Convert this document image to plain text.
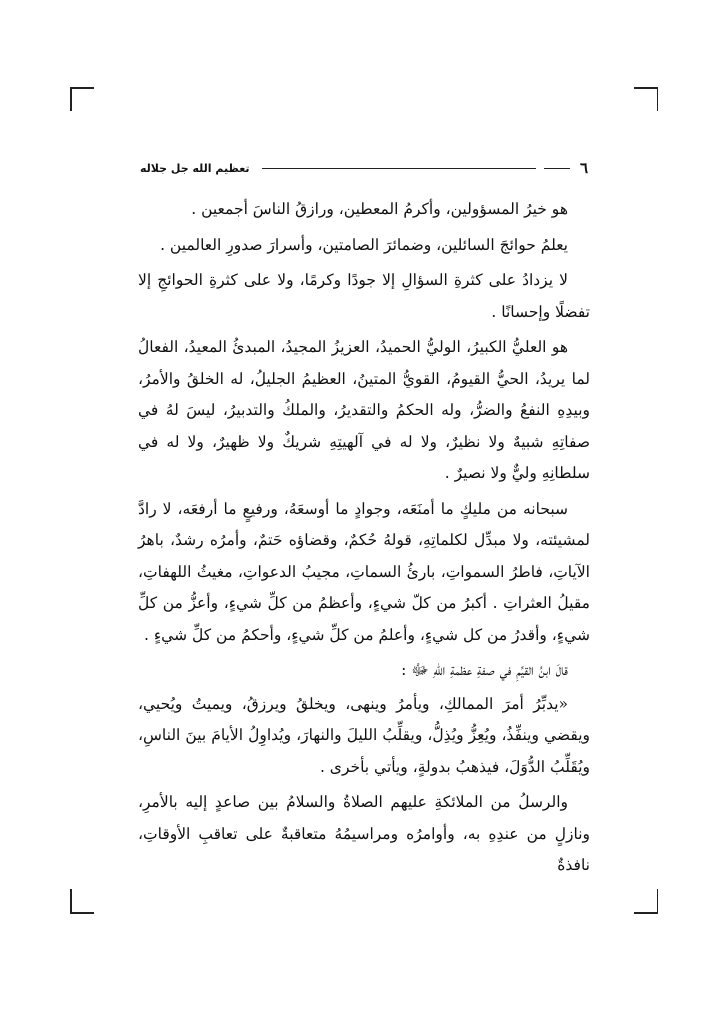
٦
تعظيم الله جل جلاله

هو خيرُ المسؤولين، وأكرمُ المعطين، ورازقُ الناسَ أجمعين .

يعلمُ حوائجَ السائلين، وضمائرَ الصامتين، وأسرارَ صدورِ العالمين .

لا يزدادُ على كثرةِ السؤالِ إلا جودًا وكرمًا، ولا على كثرةِ الحوائجِ إلا تفضلًا وإحسانًا .

هو العليُّ الكبيرُ، الوليُّ الحميدُ، العزيزُ المجيدُ، المبدئُ المعيدُ، الفعالُ لما يريدُ، الحيُّ القيومُ، القويُّ المتينُ، العظيمُ الجليلُ، له الخلقُ والأمرُ، وبيدِهِ النفعُ والضرُّ، وله الحكمُ والتقديرُ، والملكُ والتدبيرُ، ليسَ لهُ في صفاتِهِ شبيهٌ ولا نظيرٌ، ولا له في آلهيتِهِ شريكٌ ولا ظهيرٌ، ولا له في سلطانِهِ وليٌّ ولا نصيرٌ .

سبحانه من مليكٍ ما أمنَعَه، وجوادٍ ما أوسعَهُ، ورفيعٍ ما أرفعَه، لا رادَّ لمشيئته، ولا مبدِّل لكلماتِهِ، قولهُ حُكمٌ، وقضاؤه حَتمٌ، وأمرُه رشدٌ، باهرُ الآياتِ، فاطرُ السمواتِ، بارئُ السماتِ، مجيبُ الدعواتِ، مغيثُ اللهفاتِ، مقيلُ العثراتِ . أكبرُ من كلّ شيءٍ، وأعظمُ من كلِّ شيءٍ، وأعزُّ من كلِّ شيءٍ، وأقدرُ من كل شيءٍ، وأعلمُ من كلِّ شيءٍ، وأحكمُ من كلِّ شيءٍ .

قالَ ابنُ القيِّمِ في صفةِ عظمةِ اللهِ ﷻ :

«يدبِّرُ أمرَ الممالكِ، ويأمرُ وينهى، ويخلقُ ويرزقُ، ويميتُ ويُحيي، ويقضي وينفِّذُ، ويُعِزُّ ويُذِلُّ، ويقلِّبُ الليلَ والنهارَ، ويُداوِلُ الأيامَ بينَ الناسِ، ويُقَلِّبُ الدُّوَلَ، فيذهبُ بدولةٍ، ويأتي بأخرى .

والرسلُ من الملائكةِ عليهم الصلاةُ والسلامُ بين صاعدٍ إليه بالأمرِ، ونازلٍ من عندِهِ به، وأوامرُه ومراسيمُهُ متعاقبةٌ على تعاقبِ الأوقاتِ، نافذةٌ
